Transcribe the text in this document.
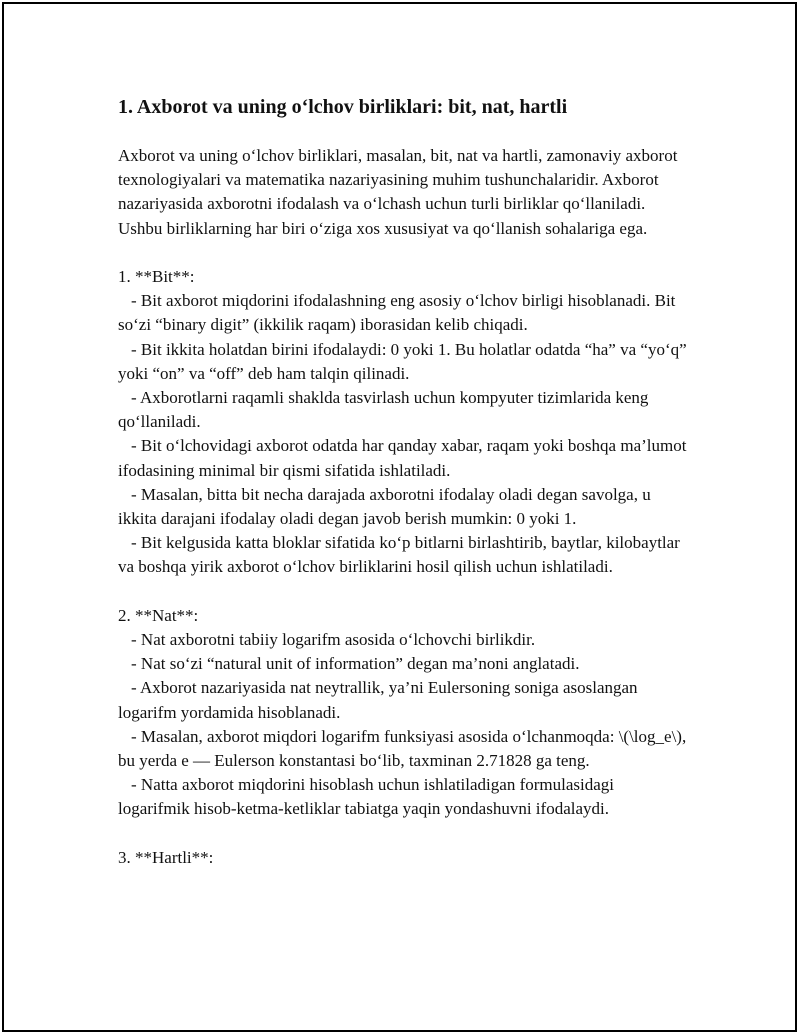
1. Axborot va uning oʻlchov birliklari: bit, nat, hartli

Axborot va uning oʻlchov birliklari, masalan, bit, nat va hartli, zamonaviy axborot texnologiyalari va matematika nazariyasining muhim tushunchalaridir. Axborot nazariyasida axborotni ifodalash va oʻlchash uchun turli birliklar qoʻllaniladi. Ushbu birliklarning har biri oʻziga xos xususiyat va qoʻllanish sohalariga ega.

1. **Bit**:

- Bit axborot miqdorini ifodalashning eng asosiy oʻlchov birligi hisoblanadi. Bit soʻzi “binary digit” (ikkilik raqam) iborasidan kelib chiqadi.

- Bit ikkita holatdan birini ifodalaydi: 0 yoki 1. Bu holatlar odatda “ha” va “yoʻq” yoki “on” va “off” deb ham talqin qilinadi.

- Axborotlarni raqamli shaklda tasvirlash uchun kompyuter tizimlarida keng qoʻllaniladi.

- Bit oʻlchovidagi axborot odatda har qanday xabar, raqam yoki boshqa ma’lumot ifodasining minimal bir qismi sifatida ishlatiladi.

- Masalan, bitta bit necha darajada axborotni ifodalay oladi degan savolga, u ikkita darajani ifodalay oladi degan javob berish mumkin: 0 yoki 1.

- Bit kelgusida katta bloklar sifatida koʻp bitlarni birlashtirib, baytlar, kilobaytlar va boshqa yirik axborot oʻlchov birliklarini hosil qilish uchun ishlatiladi.

2. **Nat**:

- Nat axborotni tabiiy logarifm asosida oʻlchovchi birlikdir.

- Nat soʻzi “natural unit of information” degan ma’noni anglatadi.

- Axborot nazariyasida nat neytrallik, ya’ni Eulersoning soniga asoslangan logarifm yordamida hisoblanadi.

- Masalan, axborot miqdori logarifm funksiyasi asosida oʻlchanmoqda: \(\log_e\), bu yerda e — Eulerson konstantasi boʻlib, taxminan 2.71828 ga teng.

- Natta axborot miqdorini hisoblash uchun ishlatiladigan formulasidagi logarifmik hisob-ketma-ketliklar tabiatga yaqin yondashuvni ifodalaydi.

3. **Hartli**:
